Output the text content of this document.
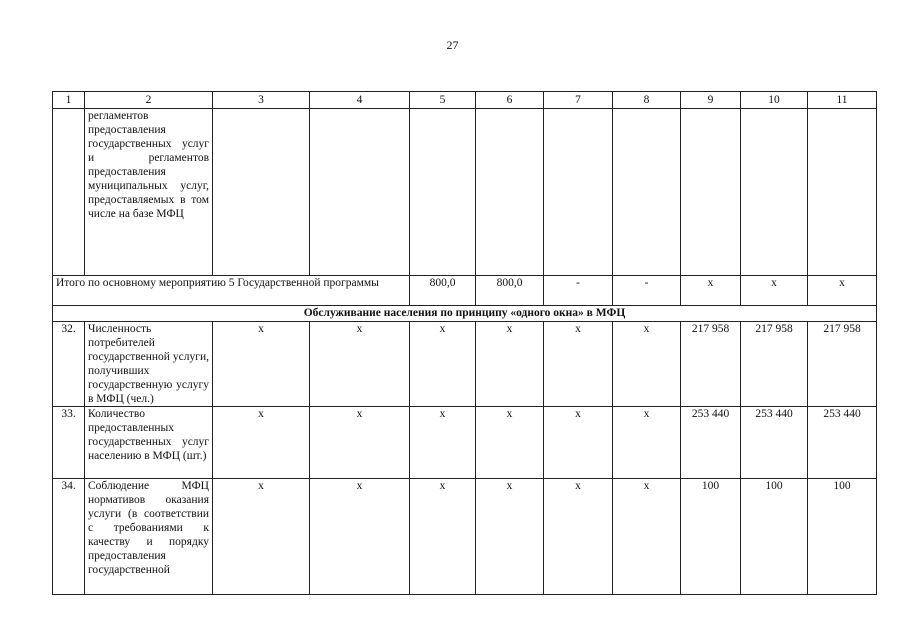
27
1	2	3	4	5	6	7	8	9	10	11
	регламентов предоставления государственных услуг и регламентов предоставления муниципальных услуг, предоставляемых в том числе на базе МФЦ									
Итого по основному мероприятию 5 Государственной программы				800,0	800,0	-	-	x	x	x
Обслуживание населения по принципу «одного окна» в МФЦ										
32.	Численность потребителей государственной услуги, получивших государственную услугу в МФЦ (чел.)	x	x	x	x	x	x	217 958	217 958	217 958
33.	Количество предоставленных государственных услуг населению в МФЦ (шт.)	x	x	x	x	x	x	253 440	253 440	253 440
34.	Соблюдение МФЦ нормативов оказания услуги (в соответствии с требованиями к качеству и порядку предоставления государственной	x	x	x	x	x	x	100	100	100
